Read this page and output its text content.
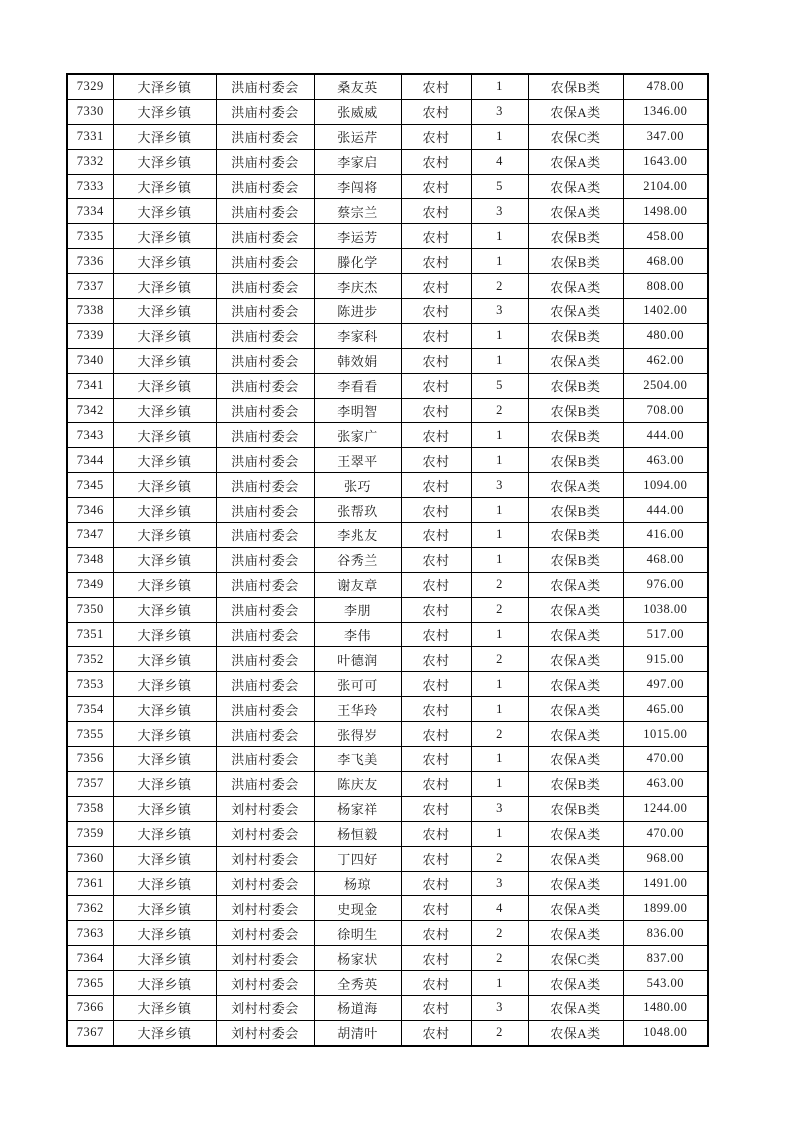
7329	大泽乡镇	洪庙村委会	桑友英	农村	1	农保B类	478.00
7330	大泽乡镇	洪庙村委会	张威威	农村	3	农保A类	1346.00
7331	大泽乡镇	洪庙村委会	张运芹	农村	1	农保C类	347.00
7332	大泽乡镇	洪庙村委会	李家启	农村	4	农保A类	1643.00
7333	大泽乡镇	洪庙村委会	李闯将	农村	5	农保A类	2104.00
7334	大泽乡镇	洪庙村委会	蔡宗兰	农村	3	农保A类	1498.00
7335	大泽乡镇	洪庙村委会	李运芳	农村	1	农保B类	458.00
7336	大泽乡镇	洪庙村委会	滕化学	农村	1	农保B类	468.00
7337	大泽乡镇	洪庙村委会	李庆杰	农村	2	农保A类	808.00
7338	大泽乡镇	洪庙村委会	陈进步	农村	3	农保A类	1402.00
7339	大泽乡镇	洪庙村委会	李家科	农村	1	农保B类	480.00
7340	大泽乡镇	洪庙村委会	韩效娟	农村	1	农保A类	462.00
7341	大泽乡镇	洪庙村委会	李看看	农村	5	农保B类	2504.00
7342	大泽乡镇	洪庙村委会	李明智	农村	2	农保B类	708.00
7343	大泽乡镇	洪庙村委会	张家广	农村	1	农保B类	444.00
7344	大泽乡镇	洪庙村委会	王翠平	农村	1	农保B类	463.00
7345	大泽乡镇	洪庙村委会	张巧	农村	3	农保A类	1094.00
7346	大泽乡镇	洪庙村委会	张帮玖	农村	1	农保B类	444.00
7347	大泽乡镇	洪庙村委会	李兆友	农村	1	农保B类	416.00
7348	大泽乡镇	洪庙村委会	谷秀兰	农村	1	农保B类	468.00
7349	大泽乡镇	洪庙村委会	谢友章	农村	2	农保A类	976.00
7350	大泽乡镇	洪庙村委会	李朋	农村	2	农保A类	1038.00
7351	大泽乡镇	洪庙村委会	李伟	农村	1	农保A类	517.00
7352	大泽乡镇	洪庙村委会	叶德润	农村	2	农保A类	915.00
7353	大泽乡镇	洪庙村委会	张可可	农村	1	农保A类	497.00
7354	大泽乡镇	洪庙村委会	王华玲	农村	1	农保A类	465.00
7355	大泽乡镇	洪庙村委会	张得岁	农村	2	农保A类	1015.00
7356	大泽乡镇	洪庙村委会	李飞美	农村	1	农保A类	470.00
7357	大泽乡镇	洪庙村委会	陈庆友	农村	1	农保B类	463.00
7358	大泽乡镇	刘村村委会	杨家祥	农村	3	农保B类	1244.00
7359	大泽乡镇	刘村村委会	杨恒毅	农村	1	农保A类	470.00
7360	大泽乡镇	刘村村委会	丁四好	农村	2	农保A类	968.00
7361	大泽乡镇	刘村村委会	杨琼	农村	3	农保A类	1491.00
7362	大泽乡镇	刘村村委会	史现金	农村	4	农保A类	1899.00
7363	大泽乡镇	刘村村委会	徐明生	农村	2	农保A类	836.00
7364	大泽乡镇	刘村村委会	杨家状	农村	2	农保C类	837.00
7365	大泽乡镇	刘村村委会	全秀英	农村	1	农保A类	543.00
7366	大泽乡镇	刘村村委会	杨道海	农村	3	农保A类	1480.00
7367	大泽乡镇	刘村村委会	胡清叶	农村	2	农保A类	1048.00
